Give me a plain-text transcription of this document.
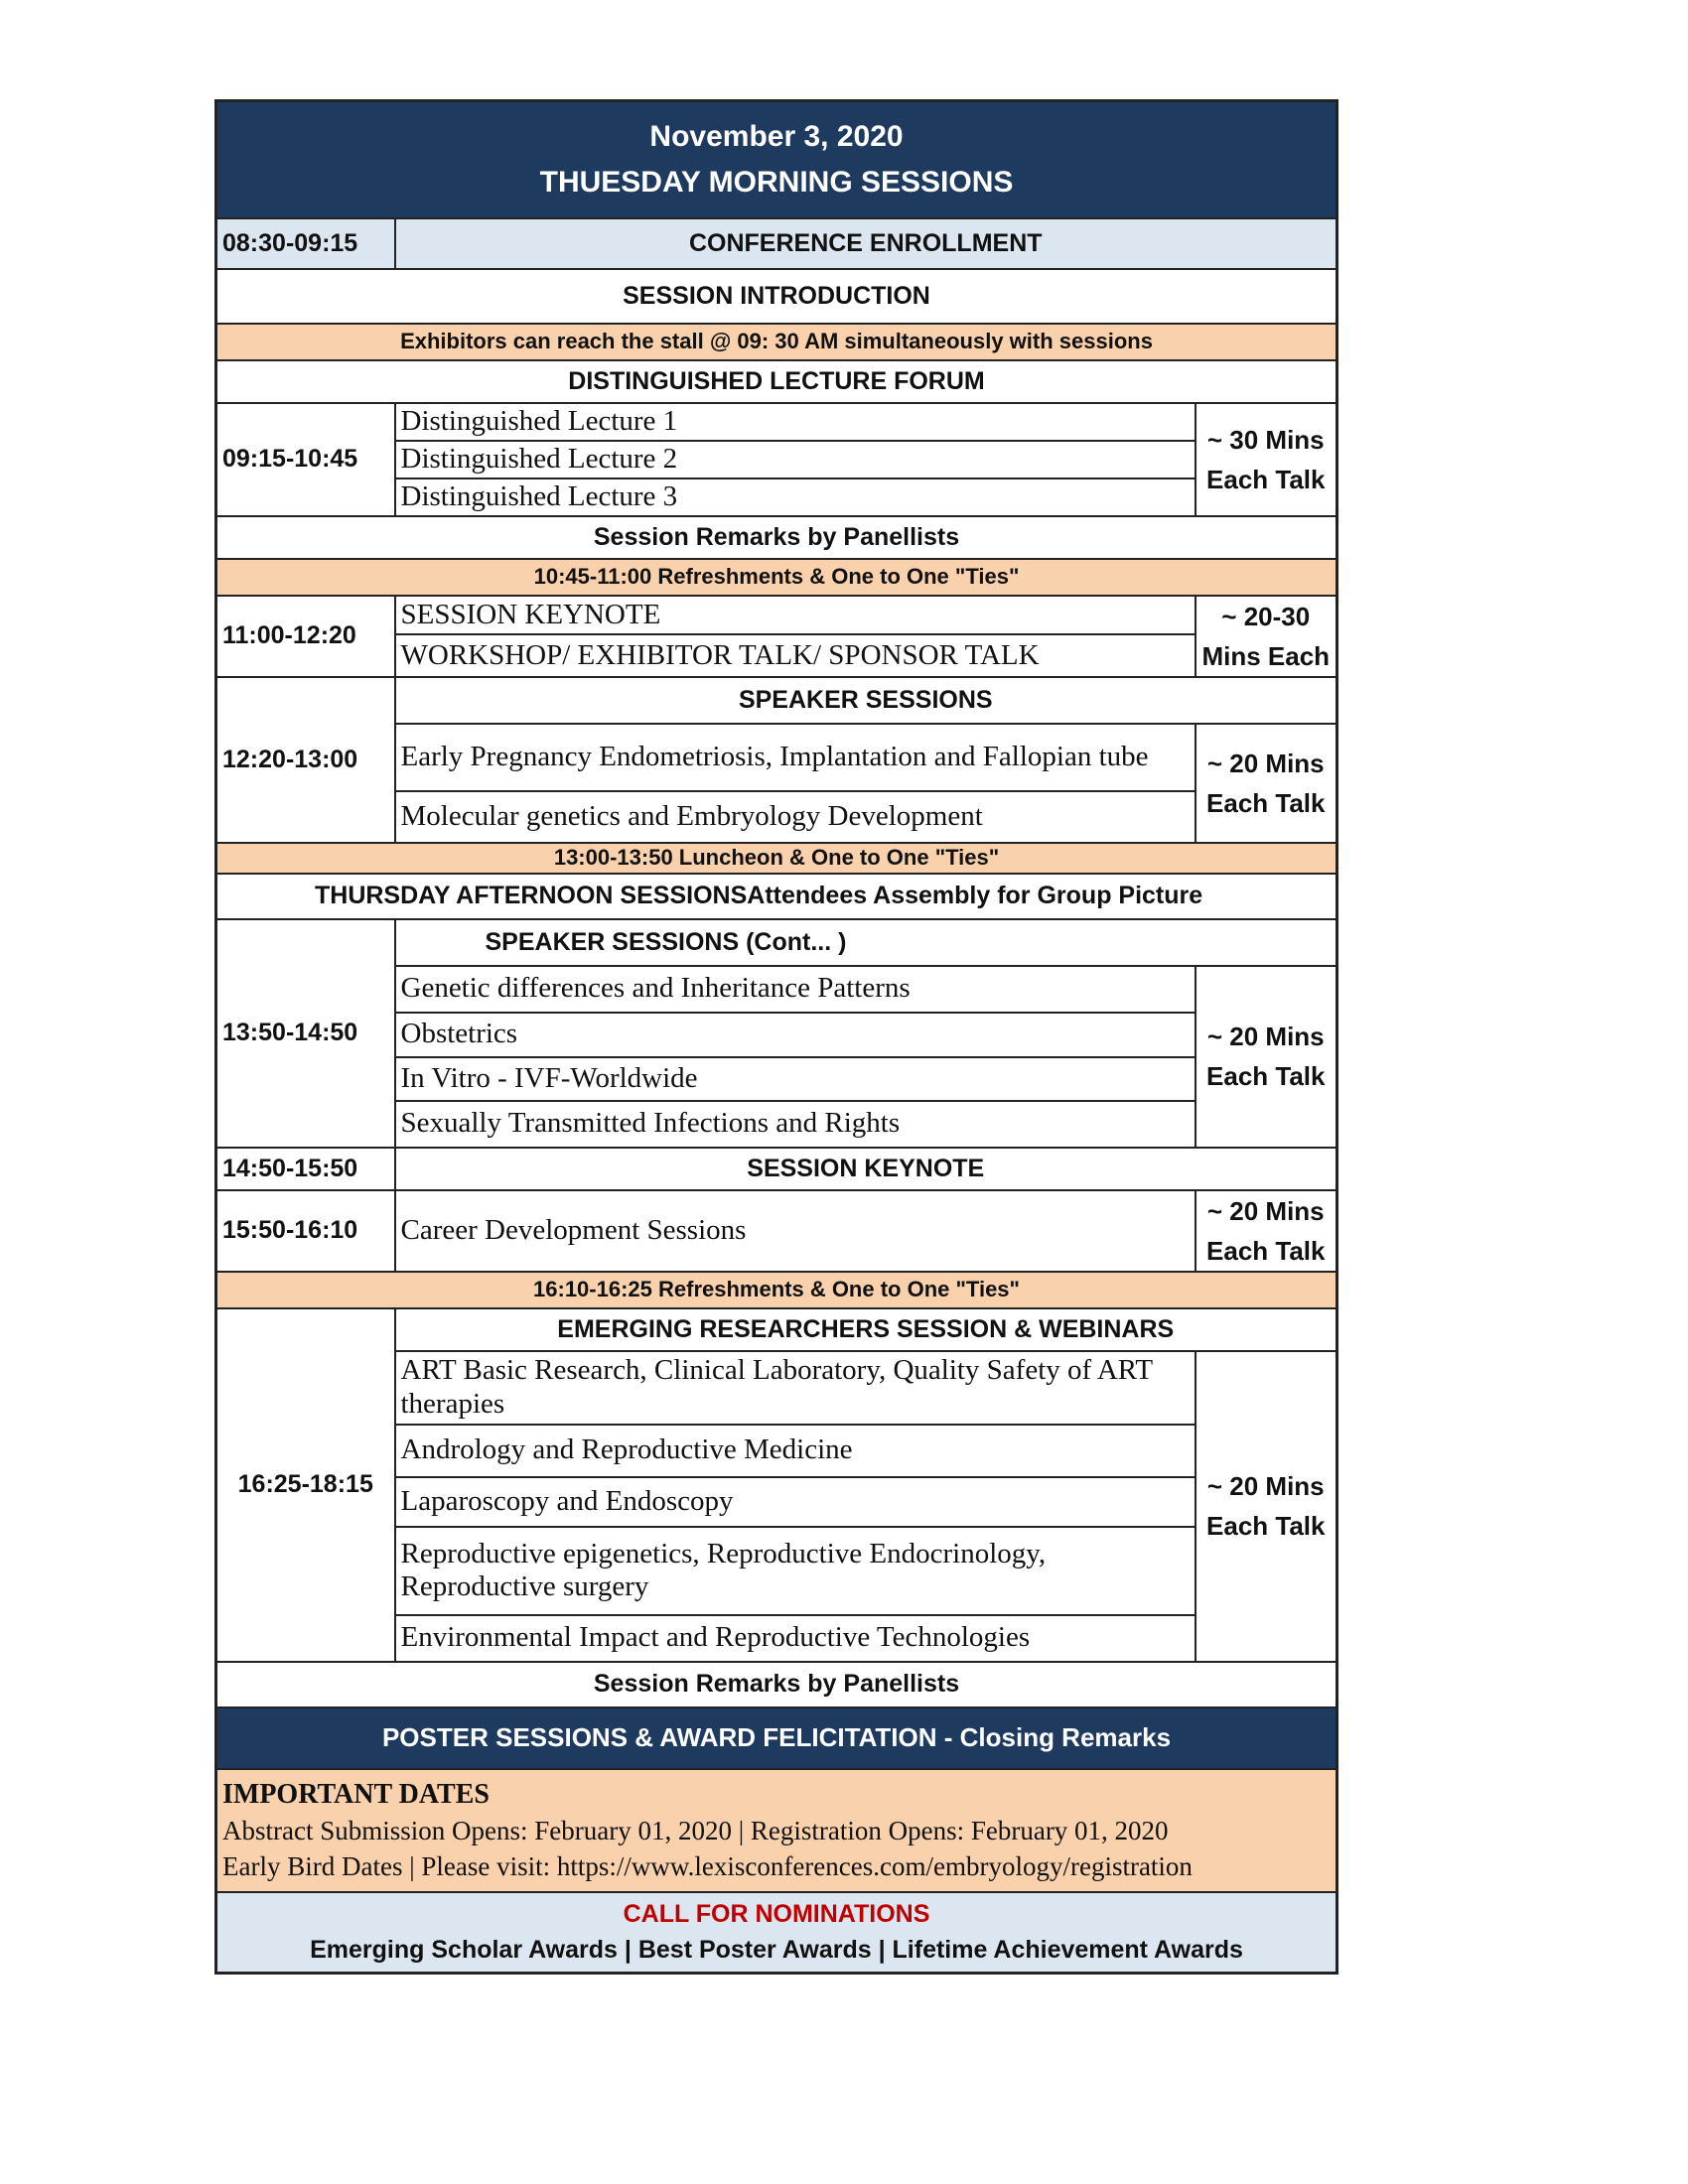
November 3, 2020
THUESDAY MORNING SESSIONS		

08:30-09:15	CONFERENCE ENROLLMENT	
SESSION INTRODUCTION		
Exhibitors can reach the stall @ 09: 30 AM simultaneously with sessions		
DISTINGUISHED LECTURE FORUM		
09:15-10:45	Distinguished Lecture 1	~ 30 Mins
Each Talk

	Distinguished Lecture 2	
	Distinguished Lecture 3	
Session Remarks by Panellists		
10:45-11:00 Refreshments & One to One "Ties"		
11:00-12:20	SESSION KEYNOTE	~ 20-30
Mins Each

	WORKSHOP/ EXHIBITOR TALK/ SPONSOR TALK	
12:20-13:00	SPEAKER SESSIONS	
	Early Pregnancy Endometriosis, Implantation and Fallopian tube	~ 20 Mins
Each Talk

	Molecular genetics and Embryology Development	
13:00-13:50 Luncheon & One to One "Ties"		
THURSDAY AFTERNOON SESSIONSAttendees Assembly for Group Picture		
13:50-14:50	SPEAKER SESSIONS (Cont... )	
	Genetic differences and Inheritance Patterns	~ 20 Mins
Each Talk

	Obstetrics	
	In Vitro - IVF-Worldwide	
	Sexually Transmitted Infections and Rights	
14:50-15:50	SESSION KEYNOTE	
15:50-16:10	Career Development Sessions	~ 20 Mins
Each Talk

16:10-16:25 Refreshments & One to One "Ties"		
16:25-18:15	EMERGING RESEARCHERS SESSION & WEBINARS	
	ART Basic Research, Clinical Laboratory, Quality Safety of ART therapies	~ 20 Mins
Each Talk

	Andrology and Reproductive Medicine	
	Laparoscopy and Endoscopy	
	Reproductive epigenetics, Reproductive Endocrinology, Reproductive surgery	
	Environmental Impact and Reproductive Technologies	
Session Remarks by Panellists		
POSTER SESSIONS & AWARD FELICITATION - Closing Remarks		

IMPORTANT DATES
Abstract Submission Opens: February 01, 2020 | Registration Opens: February 01, 2020
Early Bird Dates | Please visit: https://www.lexisconferences.com/embryology/registration		

CALL FOR NOMINATIONS
Emerging Scholar Awards | Best Poster Awards | Lifetime Achievement Awards		
